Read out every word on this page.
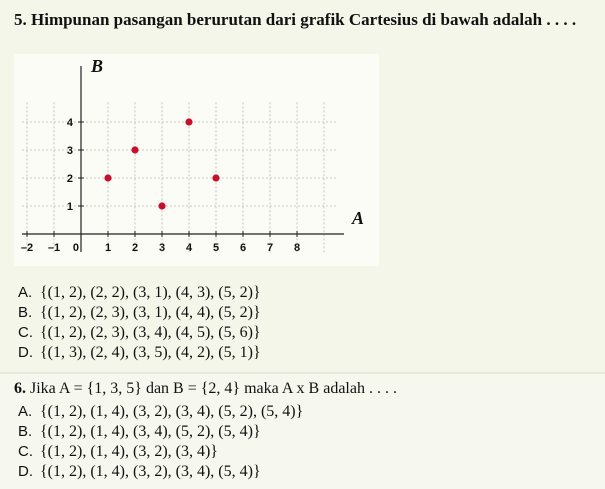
5. Himpunan pasangan berurutan dari grafik Cartesius di bawah adalah . . . .
A
B
–2 –1 0 1 2 3 4 5 6 7 8
1
2
3
4
A. {(1, 2), (2, 2), (3, 1), (4, 3), (5, 2)}
B. {(1, 2), (2, 3), (3, 1), (4, 4), (5, 2)}
C. {(1, 2), (2, 3), (3, 4), (4, 5), (5, 6)}
D. {(1, 3), (2, 4), (3, 5), (4, 2), (5, 1)}
6. Jika A = {1, 3, 5} dan B = {2, 4} maka A x B adalah . . . .
A. {(1, 2), (1, 4), (3, 2), (3, 4), (5, 2), (5, 4)}
B. {(1, 2), (1, 4), (3, 4), (5, 2), (5, 4)}
C. {(1, 2), (1, 4), (3, 2), (3, 4)}
D. {(1, 2), (1, 4), (3, 2), (3, 4), (5, 4)}
